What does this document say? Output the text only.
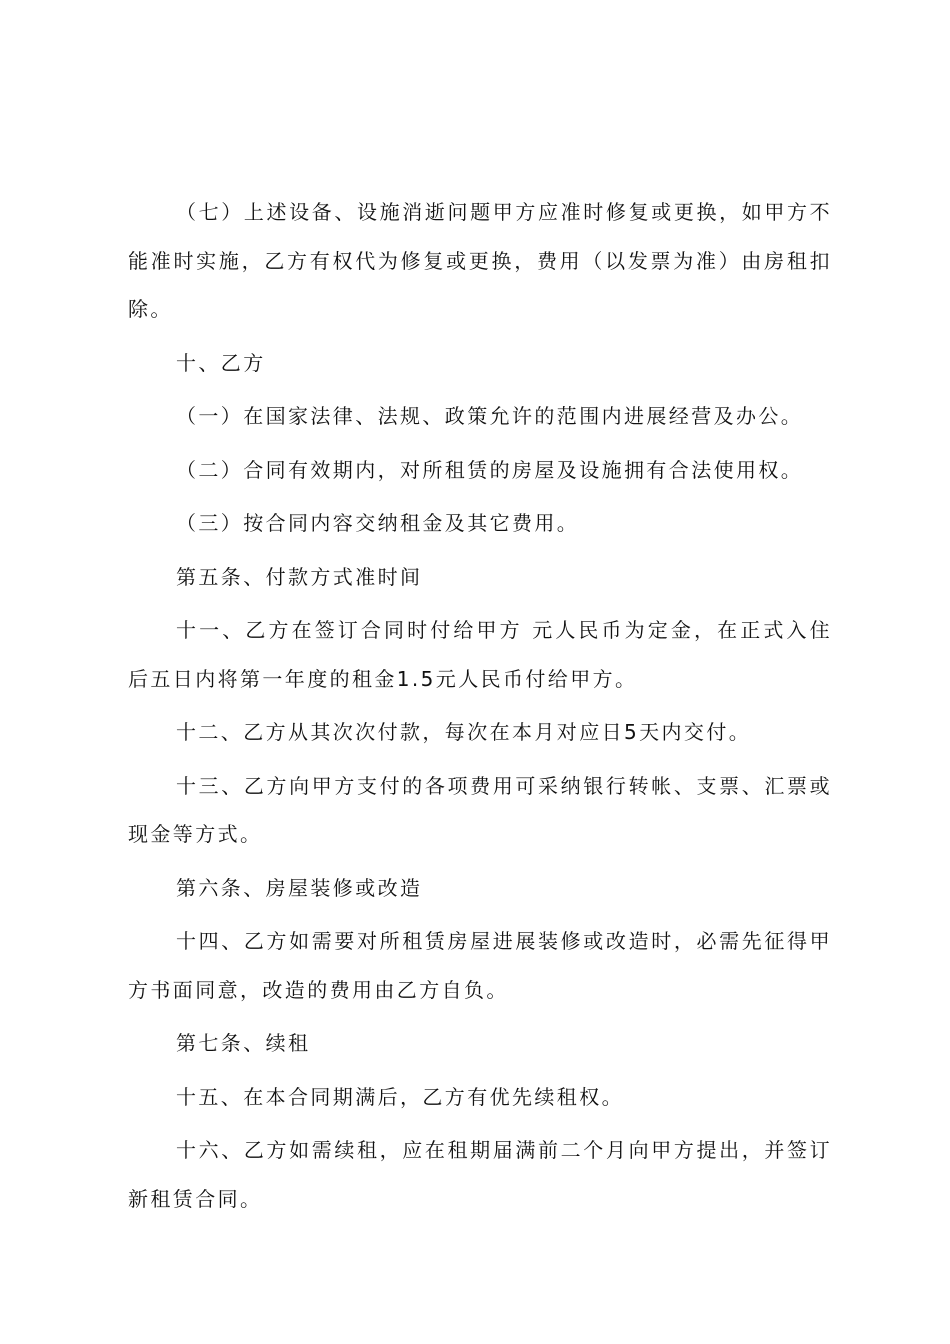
（七）上述设备、设施消逝问题甲方应准时修复或更换，如甲方不能准时实施，乙方有权代为修复或更换，费用（以发票为准）由房租扣除。

十、乙方

（一）在国家法律、法规、政策允许的范围内进展经营及办公。

（二）合同有效期内，对所租赁的房屋及设施拥有合法使用权。

（三）按合同内容交纳租金及其它费用。

第五条、付款方式准时间

十一、乙方在签订合同时付给甲方 元人民币为定金，在正式入住后五日内将第一年度的租金1.5元人民币付给甲方。

十二、乙方从其次次付款，每次在本月对应日5天内交付。

十三、乙方向甲方支付的各项费用可采纳银行转帐、支票、汇票或现金等方式。

第六条、房屋装修或改造

十四、乙方如需要对所租赁房屋进展装修或改造时，必需先征得甲方书面同意，改造的费用由乙方自负。

第七条、续租

十五、在本合同期满后，乙方有优先续租权。

十六、乙方如需续租，应在租期届满前二个月向甲方提出，并签订新租赁合同。
